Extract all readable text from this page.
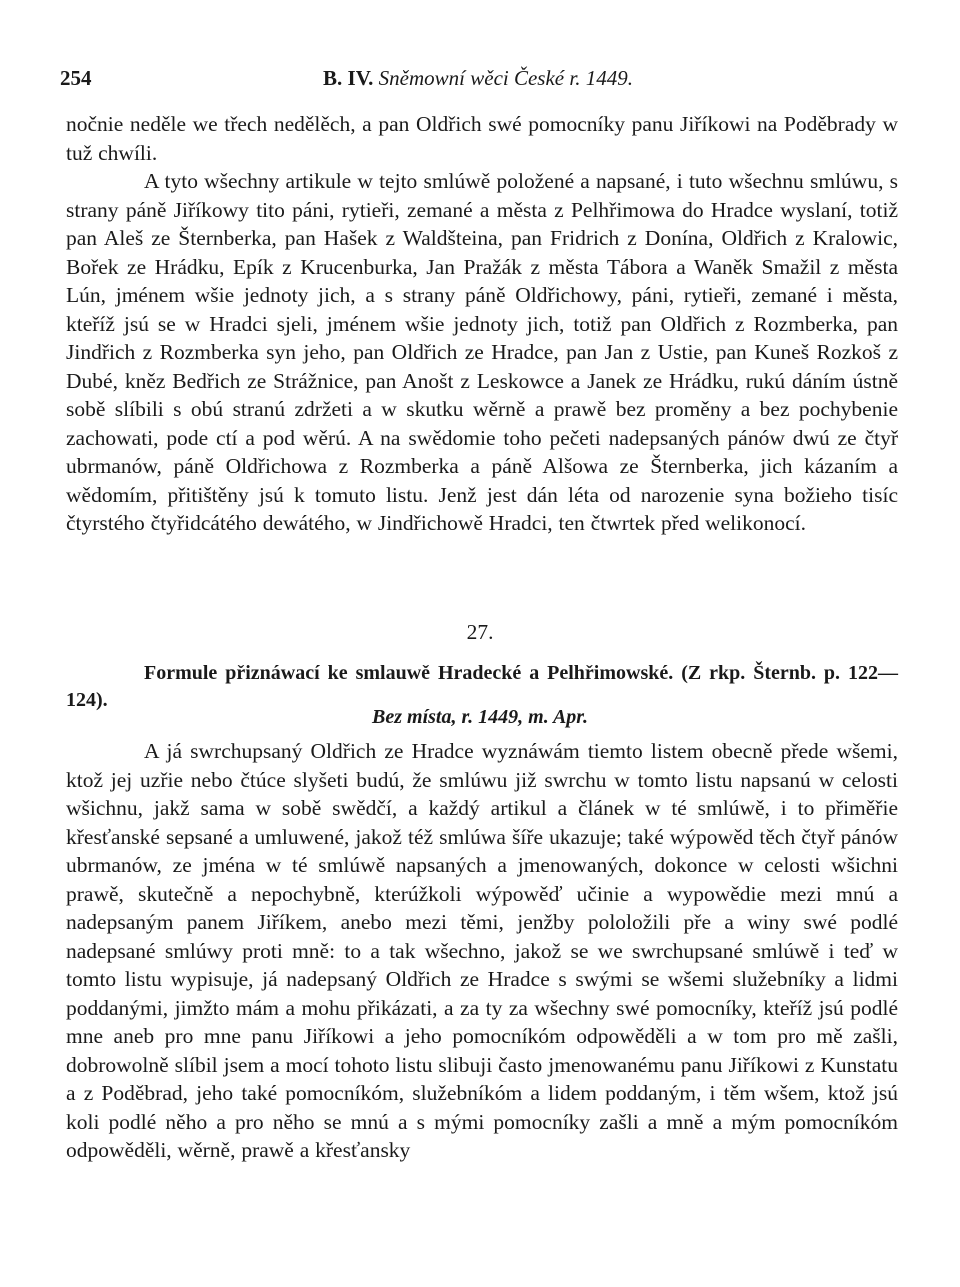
254	B. IV. Sněmowní wěci České r. 1449.

nočnie neděle we třech nedělěch, a pan Oldřich swé pomocníky panu Jiříkowi na Poděbrady w tuž chwíli.

A tyto wšechny artikule w tejto smlúwě položené a napsané, i tuto wšechnu smlúwu, s strany páně Jiříkowy tito páni, rytieři, zemané a města z Pelhřimowa do Hradce wyslaní, totiž pan Aleš ze Šternberka, pan Hašek z Waldšteina, pan Fridrich z Donína, Oldřich z Kralowic, Bořek ze Hrádku, Epík z Krucenburka, Jan Pražák z města Tábora a Waněk Smažil z města Lún, jménem wšie jednoty jich, a s strany páně Oldřichowy, páni, rytieři, zemané i města, kteříž jsú se w Hradci sjeli, jménem wšie jednoty jich, totiž pan Oldřich z Rozmberka, pan Jindřich z Rozmberka syn jeho, pan Oldřich ze Hradce, pan Jan z Ustie, pan Kuneš Rozkoš z Dubé, kněz Bedřich ze Strážnice, pan Anošt z Leskowce a Janek ze Hrádku, rukú dáním ústně sobě slíbili s obú stranú zdržeti a w skutku wěrně a prawě bez proměny a bez pochybenie zachowati, pode ctí a pod wěrú. A na swědomie toho pečeti nadepsaných pánów dwú ze čtyř ubrmanów, páně Oldřichowa z Rozmberka a páně Alšowa ze Šternberka, jich kázaním a wědomím, přitištěny jsú k tomuto listu. Jenž jest dán léta od narozenie syna božieho tisíc čtyrstého čtyřidcátého dewátého, w Jindřichowě Hradci, ten čtwrtek před welikonocí.

27.
Formule přiznáwací ke smlauwě Hradecké a Pelhřimowské. (Z rkp. Šternb. p. 122—124).
Bez místa, r. 1449, m. Apr.

A já swrchupsaný Oldřich ze Hradce wyznáwám tiemto listem obecně přede wšemi, ktož jej uzřie nebo čtúce slyšeti budú, že smlúwu již swrchu w tomto listu napsanú w celosti wšichnu, jakž sama w sobě swědčí, a každý artikul a článek w té smlúwě, i to přiměřie křesťanské sepsané a umluwené, jakož též smlúwa šíře ukazuje; také wýpowěd těch čtyř pánów ubrmanów, ze jména w té smlúwě napsaných a jmenowaných, dokonce w celosti wšichni prawě, skutečně a nepochybně, kterúžkoli wýpowěď učinie a wypowědie mezi mnú a nadepsaným panem Jiříkem, anebo mezi těmi, jenžby pololožili pře a winy swé podlé nadepsané smlúwy proti mně: to a tak wšechno, jakož se we swrchupsané smlúwě i teď w tomto listu wypisuje, já nadepsaný Oldřich ze Hradce s swými se wšemi služebníky a lidmi poddanými, jimžto mám a mohu přikázati, a za ty za wšechny swé pomocníky, kteříž jsú podlé mne aneb pro mne panu Jiříkowi a jeho pomocníkóm odpowěděli a w tom pro mě zašli, dobrowolně slíbil jsem a mocí tohoto listu slibuji často jmenowanému panu Jiříkowi z Kunstatu a z Poděbrad, jeho také pomocníkóm, služebníkóm a lidem poddaným, i těm wšem, ktož jsú koli podlé něho a pro něho se mnú a s mými pomocníky zašli a mně a mým pomocníkóm odpowěděli, wěrně, prawě a křesťansky
